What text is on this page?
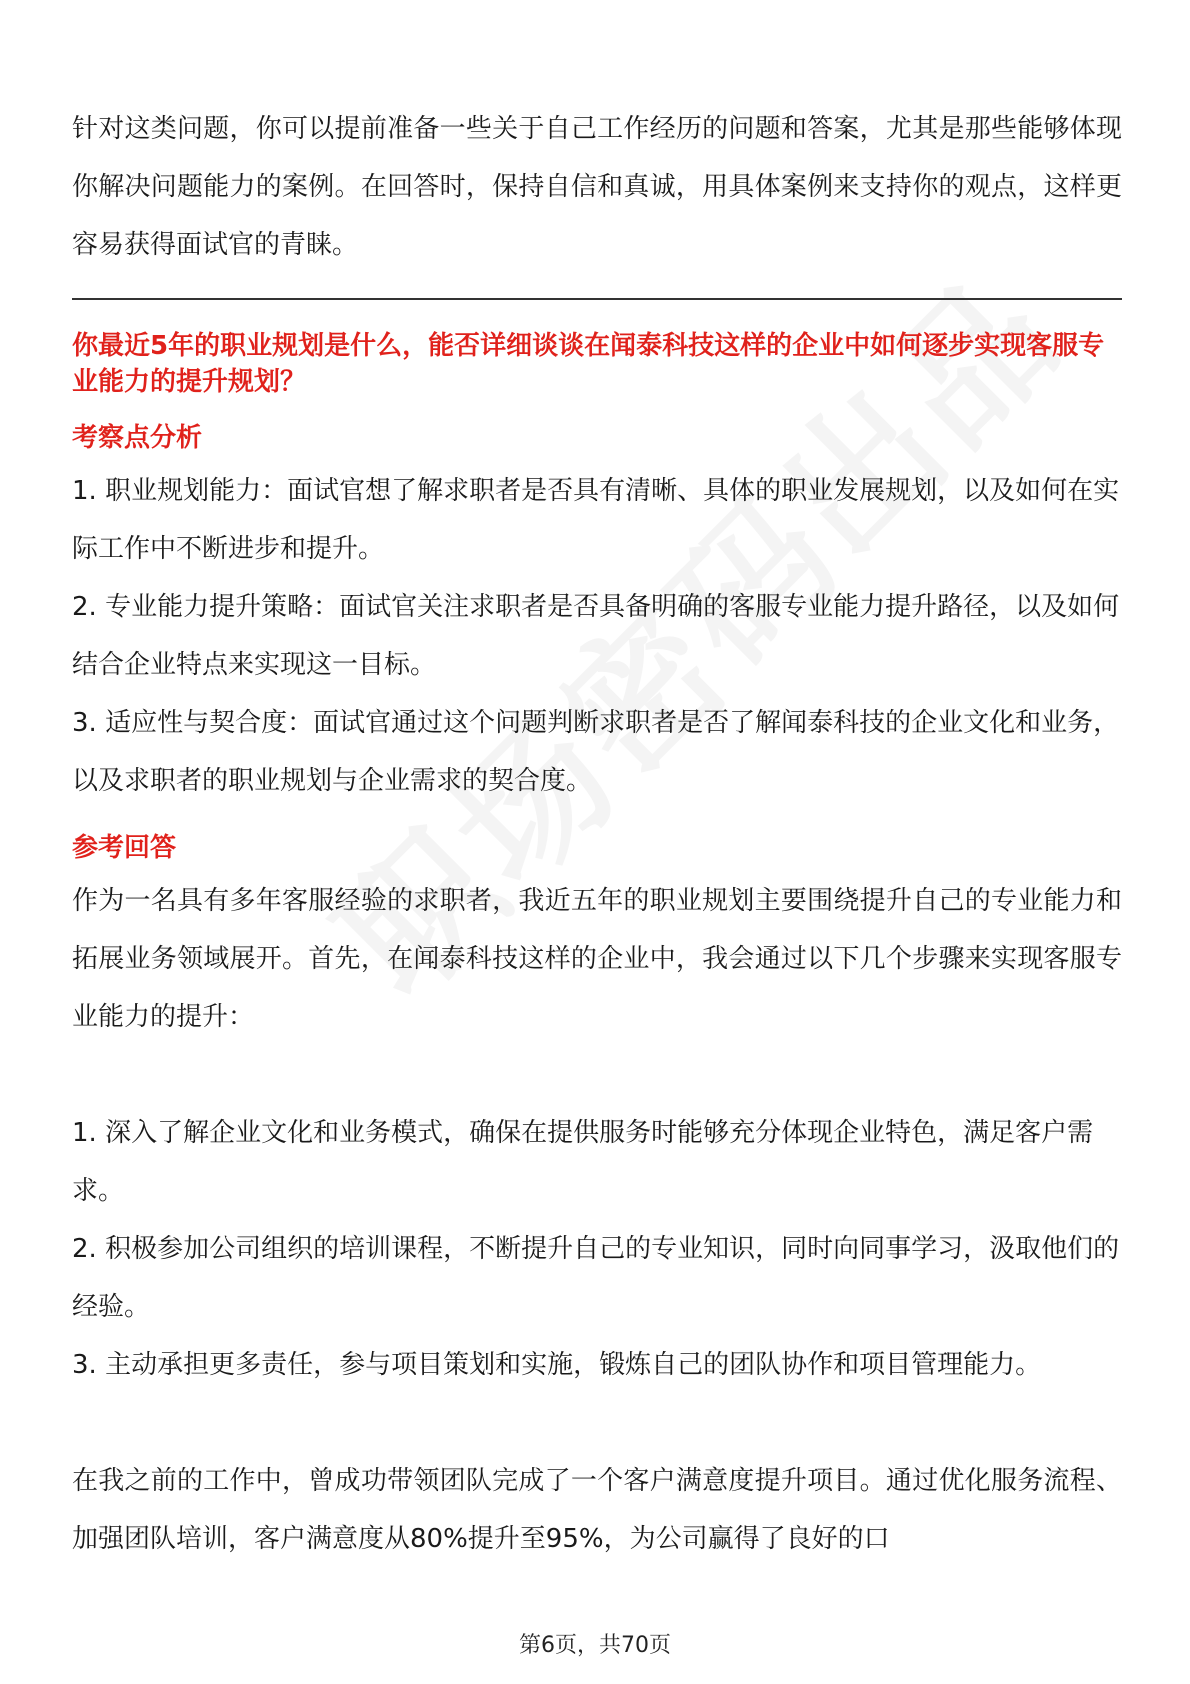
针对这类问题，你可以提前准备一些关于自己工作经历的问题和答案，尤其是那些能够体现你解决问题能力的案例。在回答时，保持自信和真诚，用具体案例来支持你的观点，这样更容易获得面试官的青睐。

你最近5年的职业规划是什么，能否详细谈谈在闻泰科技这样的企业中如何逐步实现客服专业能力的提升规划？

考察点分析

1. 职业规划能力：面试官想了解求职者是否具有清晰、具体的职业发展规划，以及如何在实际工作中不断进步和提升。

2. 专业能力提升策略：面试官关注求职者是否具备明确的客服专业能力提升路径，以及如何结合企业特点来实现这一目标。

3. 适应性与契合度：面试官通过这个问题判断求职者是否了解闻泰科技的企业文化和业务，以及求职者的职业规划与企业需求的契合度。

参考回答

作为一名具有多年客服经验的求职者，我近五年的职业规划主要围绕提升自己的专业能力和拓展业务领域展开。首先，在闻泰科技这样的企业中，我会通过以下几个步骤来实现客服专业能力的提升：

1. 深入了解企业文化和业务模式，确保在提供服务时能够充分体现企业特色，满足客户需求。

2. 积极参加公司组织的培训课程，不断提升自己的专业知识，同时向同事学习，汲取他们的经验。

3. 主动承担更多责任，参与项目策划和实施，锻炼自己的团队协作和项目管理能力。

在我之前的工作中，曾成功带领团队完成了一个客户满意度提升项目。通过优化服务流程、加强团队培训，客户满意度从80%提升至95%，为公司赢得了良好的口

第6页，共70页
